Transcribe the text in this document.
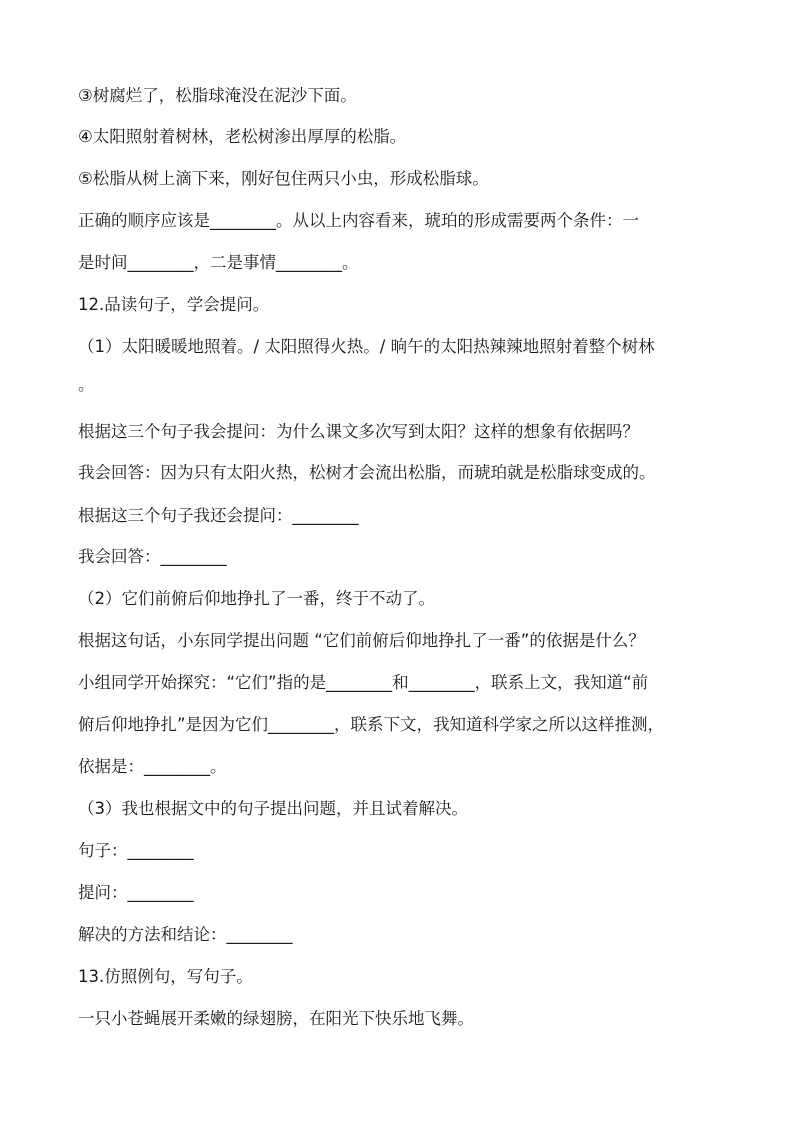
③树腐烂了，松脂球淹没在泥沙下面。
④太阳照射着树林，老松树渗出厚厚的松脂。
⑤松脂从树上滴下来，刚好包住两只小虫，形成松脂球。
正确的顺序应该是________。从以上内容看来，琥珀的形成需要两个条件：一
是时间________，二是事情________。
12.品读句子，学会提问。
（1）太阳暖暖地照着。/ 太阳照得火热。/ 晌午的太阳热辣辣地照射着整个树林
。
根据这三个句子我会提问：为什么课文多次写到太阳？这样的想象有依据吗？
我会回答：因为只有太阳火热，松树才会流出松脂，而琥珀就是松脂球变成的。
根据这三个句子我还会提问：________
我会回答：________
（2）它们前俯后仰地挣扎了一番，终于不动了。
根据这句话，小东同学提出问题 “它们前俯后仰地挣扎了一番”的依据是什么？
小组同学开始探究：“它们”指的是________和________，联系上文，我知道“前
俯后仰地挣扎”是因为它们________，联系下文，我知道科学家之所以这样推测，
依据是：________。
（3）我也根据文中的句子提出问题，并且试着解决。
句子：________
提问：________
解决的方法和结论：________
13.仿照例句，写句子。
一只小苍蝇展开柔嫩的绿翅膀，在阳光下快乐地飞舞。
